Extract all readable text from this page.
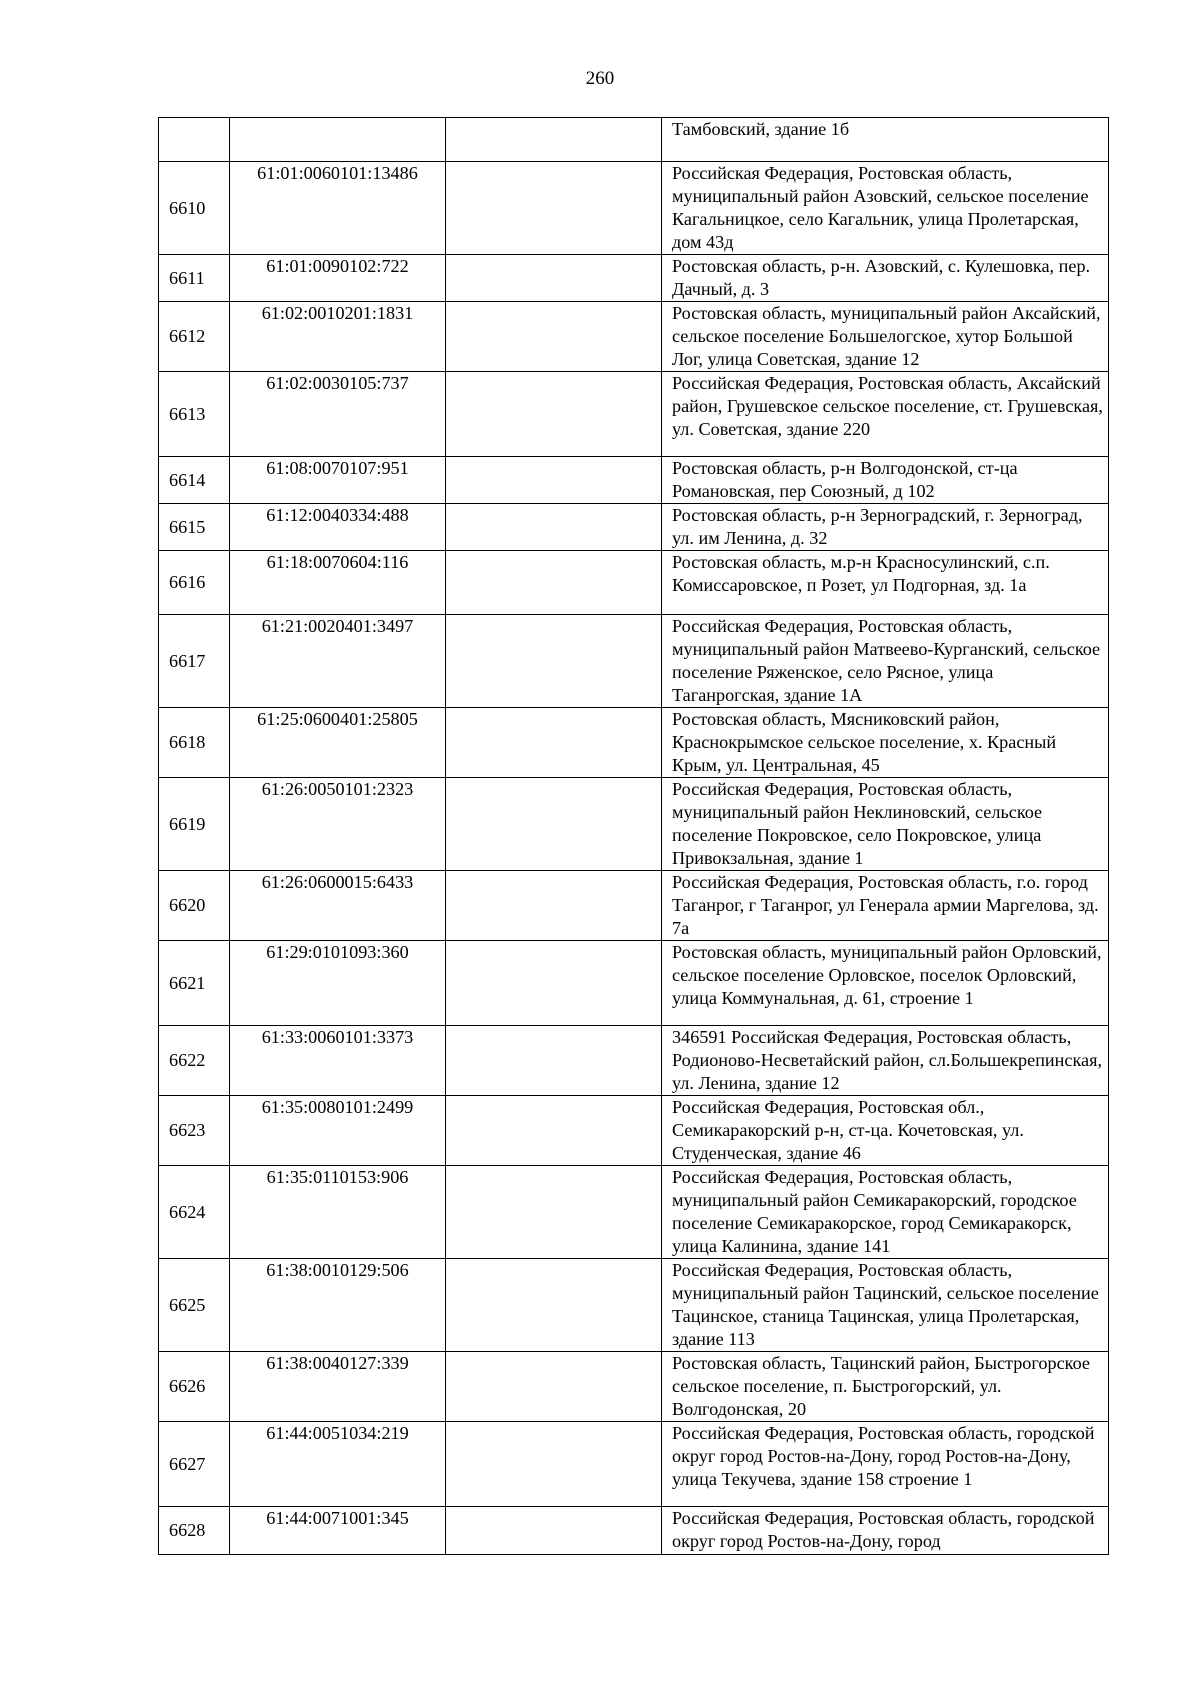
260
			Тамбовский, здание 1б
6610	61:01:0060101:13486		Российская Федерация, Ростовская область, муниципальный район Азовский, сельское поселение Кагальницкое, село Кагальник, улица Пролетарская, дом 43д
6611	61:01:0090102:722		Ростовская область, р-н. Азовский, с. Кулешовка, пер. Дачный, д. 3
6612	61:02:0010201:1831		Ростовская область, муниципальный район Аксайский, сельское поселение Большелогское, хутор Большой Лог, улица Советская, здание 12
6613	61:02:0030105:737		Российская Федерация, Ростовская область, Аксайский район, Грушевское сельское поселение, ст. Грушевская, ул. Советская, здание 220
6614	61:08:0070107:951		Ростовская область, р-н Волгодонской, ст-ца Романовская, пер Союзный, д 102
6615	61:12:0040334:488		Ростовская область, р-н Зерноградский, г. Зерноград, ул. им Ленина, д. 32
6616	61:18:0070604:116		Ростовская область, м.р-н Красносулинский, с.п. Комиссаровское, п Розет, ул Подгорная, зд. 1а
6617	61:21:0020401:3497		Российская Федерация, Ростовская область, муниципальный район Матвеево-Курганский, сельское поселение Ряженское, село Рясное, улица Таганрогская, здание 1А
6618	61:25:0600401:25805		Ростовская область, Мясниковский район, Краснокрымское сельское поселение, х. Красный Крым, ул. Центральная, 45
6619	61:26:0050101:2323		Российская Федерация, Ростовская область, муниципальный район Неклиновский, сельское поселение Покровское, село Покровское, улица Привокзальная, здание 1
6620	61:26:0600015:6433		Российская Федерация, Ростовская область, г.о. город Таганрог, г Таганрог, ул Генерала армии Маргелова, зд. 7а
6621	61:29:0101093:360		Ростовская область, муниципальный район Орловский, сельское поселение Орловское, поселок Орловский, улица Коммунальная, д. 61, строение 1
6622	61:33:0060101:3373		346591 Российская Федерация, Ростовская область, Родионово-Несветайский район, сл.Большекрепинская, ул. Ленина, здание 12
6623	61:35:0080101:2499		Российская Федерация, Ростовская обл., Семикаракорский р-н, ст-ца. Кочетовская, ул. Студенческая, здание 46
6624	61:35:0110153:906		Российская Федерация, Ростовская область, муниципальный район Семикаракорский, городское поселение Семикаракорское, город Семикаракорск, улица Калинина, здание 141
6625	61:38:0010129:506		Российская Федерация, Ростовская область, муниципальный район Тацинский, сельское поселение Тацинское, станица Тацинская, улица Пролетарская, здание 113
6626	61:38:0040127:339		Ростовская область, Тацинский район, Быстрогорское сельское поселение, п. Быстрогорский, ул. Волгодонская, 20
6627	61:44:0051034:219		Российская Федерация, Ростовская область, городской округ город Ростов-на-Дону, город Ростов-на-Дону, улица Текучева, здание 158 строение 1
6628	61:44:0071001:345		Российская Федерация, Ростовская область, городской округ город Ростов-на-Дону, город
